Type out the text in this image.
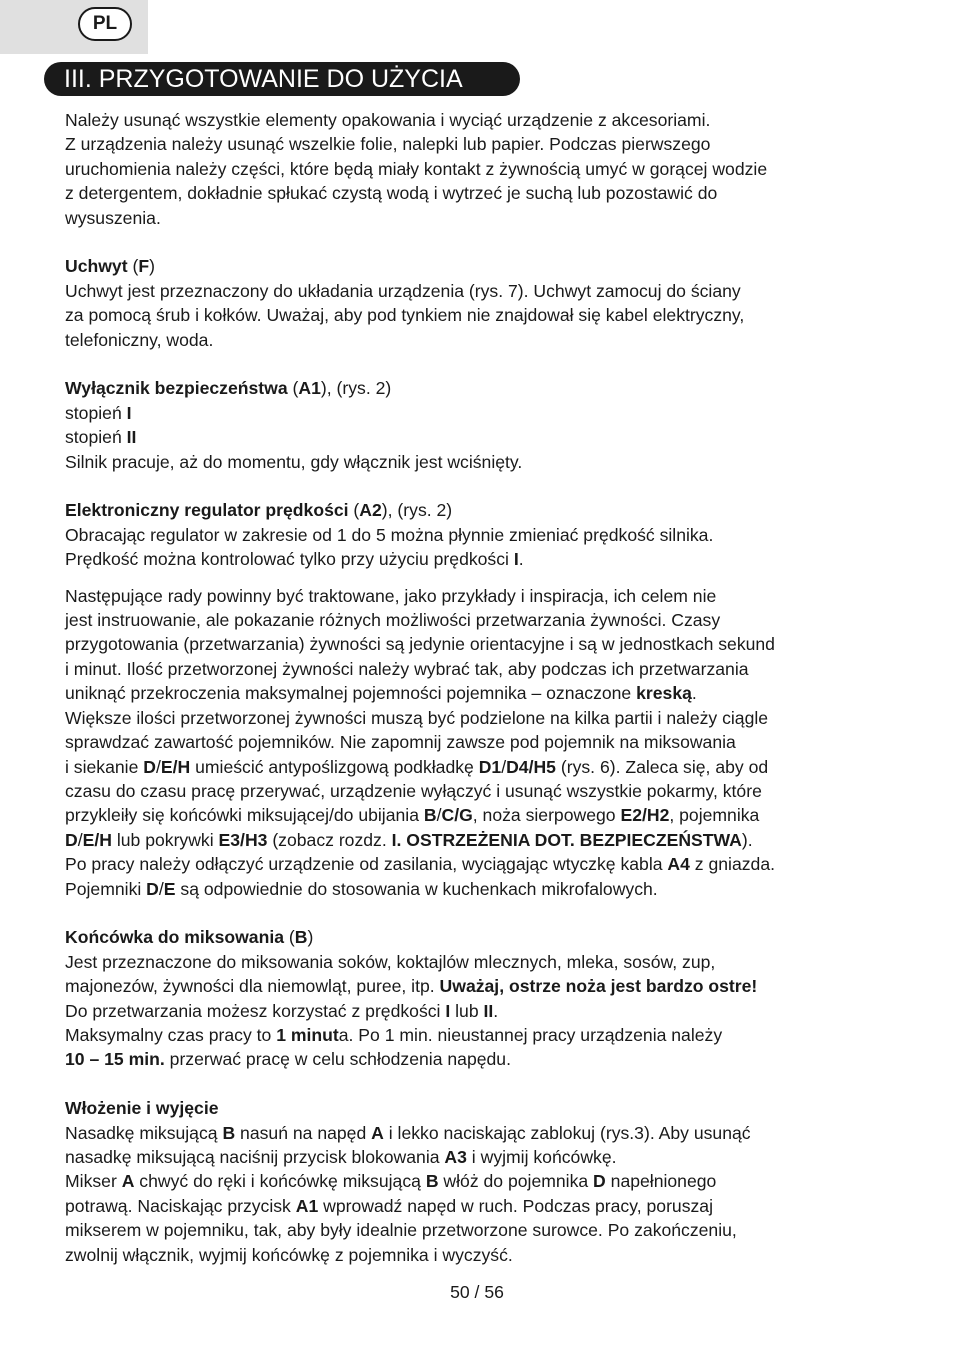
PL
III. PRZYGOTOWANIE DO UŻYCIA

Należy usunąć wszystkie elementy opakowania i wyciąć urządzenie z akcesoriami.

Z urządzenia należy usunąć wszelkie folie, nalepki lub papier. Podczas pierwszego

uruchomienia należy części, które będą miały kontakt z żywnością umyć w gorącej wodzie

z detergentem, dokładnie spłukać czystą wodą i wytrzeć je suchą lub pozostawić do

wysuszenia.

Uchwyt (F)

Uchwyt jest przeznaczony do układania urządzenia (rys. 7). Uchwyt zamocuj do ściany

za pomocą śrub i kołków. Uważaj, aby pod tynkiem nie znajdował się kabel elektryczny,

telefoniczny, woda.

Wyłącznik bezpieczeństwa (A1), (rys. 2)

stopień I

stopień II

Silnik pracuje, aż do momentu, gdy włącznik jest wciśnięty.

Elektroniczny regulator prędkości (A2), (rys. 2)

Obracając regulator w zakresie od 1 do 5 można płynnie zmieniać prędkość silnika.

Prędkość można kontrolować tylko przy użyciu prędkości I.

Następujące rady powinny być traktowane, jako przykłady i inspiracja, ich celem nie

jest instruowanie, ale pokazanie różnych możliwości przetwarzania żywności. Czasy

przygotowania (przetwarzania) żywności są jedynie orientacyjne i są w jednostkach sekund

i minut. Ilość przetworzonej żywności należy wybrać tak, aby podczas ich przetwarzania

uniknąć przekroczenia maksymalnej pojemności pojemnika – oznaczone kreską.

Większe ilości przetworzonej żywności muszą być podzielone na kilka partii i należy ciągle

sprawdzać zawartość pojemników. Nie zapomnij zawsze pod pojemnik na miksowania

i siekanie D/E/H umieścić antypoślizgową podkładkę D1/D4/H5 (rys. 6). Zaleca się, aby od

czasu do czasu pracę przerywać, urządzenie wyłączyć i usunąć wszystkie pokarmy, które

przykleiły się końcówki miksującej/do ubijania B/C/G, noża sierpowego E2/H2, pojemnika

D/E/H lub pokrywki E3/H3 (zobacz rozdz. I. OSTRZEŻENIA DOT. BEZPIECZEŃSTWA).

Po pracy należy odłączyć urządzenie od zasilania, wyciągając wtyczkę kabla A4 z gniazda.

Pojemniki D/E są odpowiednie do stosowania w kuchenkach mikrofalowych.

Końcówka do miksowania (B)

Jest przeznaczone do miksowania soków, koktajlów mlecznych, mleka, sosów, zup,

majonezów, żywności dla niemowląt, puree, itp. Uważaj, ostrze noża jest bardzo ostre!

Do przetwarzania możesz korzystać z prędkości I lub II.

Maksymalny czas pracy to 1 minuta. Po 1 min. nieustannej pracy urządzenia należy

10 – 15 min. przerwać pracę w celu schłodzenia napędu.

Włożenie i wyjęcie

Nasadkę miksującą B nasuń na napęd A i lekko naciskając zablokuj (rys.3). Aby usunąć

nasadkę miksującą naciśnij przycisk blokowania A3 i wyjmij końcówkę.

Mikser A chwyć do ręki i końcówkę miksującą B włóż do pojemnika D napełnionego

potrawą. Naciskając przycisk A1 wprowadź napęd w ruch. Podczas pracy, poruszaj

mikserem w pojemniku, tak, aby były idealnie przetworzone surowce. Po zakończeniu,

zwolnij włącznik, wyjmij końcówkę z pojemnika i wyczyść.

50 / 56
